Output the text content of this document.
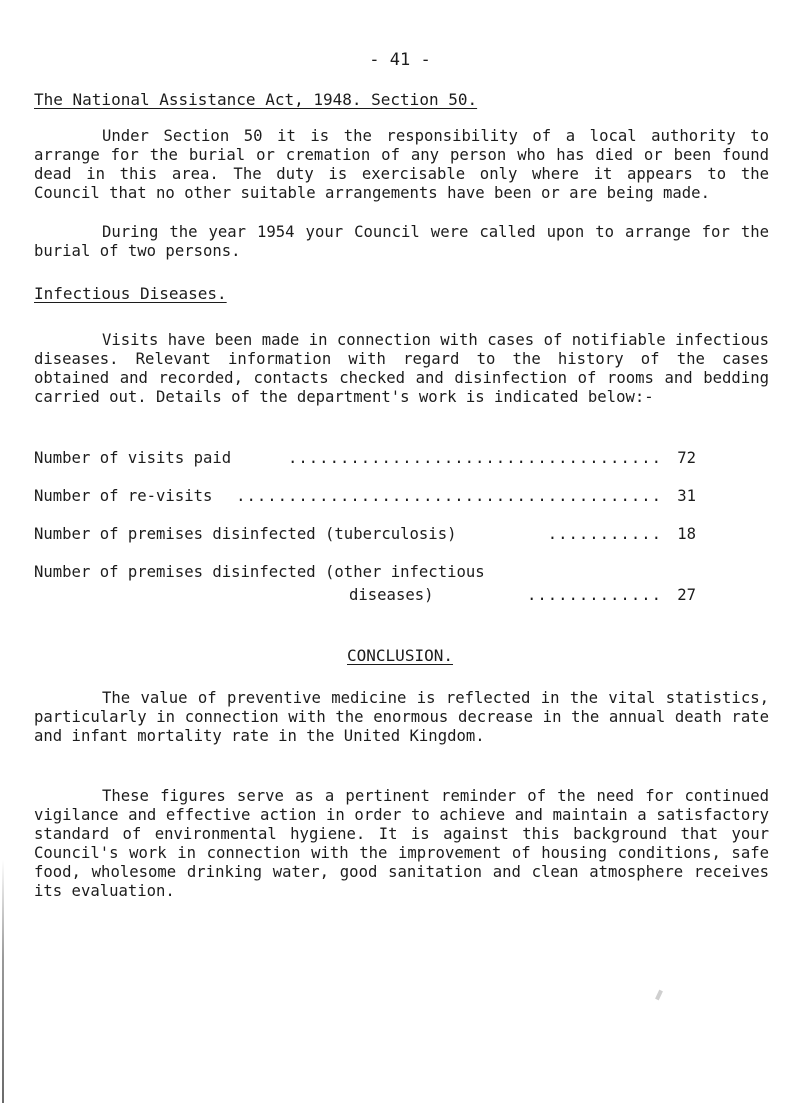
- 41 -
The National Assistance Act, 1948. Section 50.

Under Section 50 it is the responsibility of a local authority to arrange for the burial or cremation of any person who has died or been found dead in this area. The duty is exercisable only where it appears to the Council that no other suitable arrangements have been or are being made.

During the year 1954 your Council were called upon to arrange for the burial of two persons.

Infectious Diseases.

Visits have been made in connection with cases of notifiable infectious diseases. Relevant information with regard to the history of the cases obtained and recorded, contacts checked and disinfection of rooms and bedding carried out. Details of the department's work is indicated below:-

Number of visits paid	.................................... 72
Number of re-visits ......................................... 31
Number of premises disinfected (tuberculosis)	........... 18
Number of premises disinfected (other infectious
diseases)	............. 27
CONCLUSION.

The value of preventive medicine is reflected in the vital statistics, particularly in connection with the enormous decrease in the annual death rate and infant mortality rate in the United Kingdom.

These figures serve as a pertinent reminder of the need for continued vigilance and effective action in order to achieve and maintain a satisfactory standard of environmental hygiene. It is against this background that your Council's work in connection with the improvement of housing conditions, safe food, wholesome drinking water, good sanitation and clean atmosphere receives its evaluation.
